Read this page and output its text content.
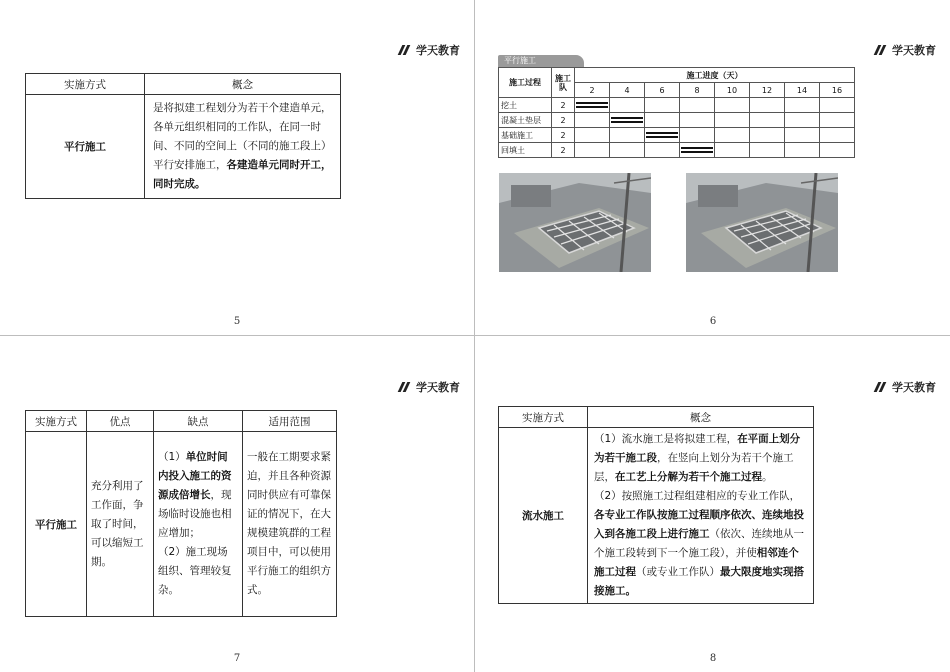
学天教育
实施方式	概念
平行施工	是将拟建工程划分为若干个建造单元，各单元组织相同的工作队，在同一时间、不同的空间上（不同的施工段上）平行安排施工，各建造单元同时开工，同时完成。
5
学天教育
平行施工
施工过程	施工队	施工进度（天）							
		2	4	6	8	10	12	14	16
挖土	2	

混凝土垫层	2		

基础施工	2			

回填土	2				

6
学天教育
实施方式	优点	缺点	适用范围
平行施工	充分利用了工作面，争取了时间，可以缩短工期。	（1）单位时间内投入施工的资源成倍增长，现场临时设施也相应增加；
（2）施工现场组织、管理较复杂。	一般在工期要求紧迫，并且各种资源同时供应有可靠保证的情况下，在大规模建筑群的工程项目中，可以使用平行施工的组织方式。
7
学天教育
实施方式	概念
流水施工	（1）流水施工是将拟建工程，在平面上划分为若干施工段，在竖向上划分为若干个施工层，在工艺上分解为若干个施工过程。
（2）按照施工过程组建相应的专业工作队，各专业工作队按施工过程顺序依次、连续地投入到各施工段上进行施工（依次、连续地从一个施工段转到下一个施工段），并使相邻连个施工过程（或专业工作队）最大限度地实现搭接施工。
8
